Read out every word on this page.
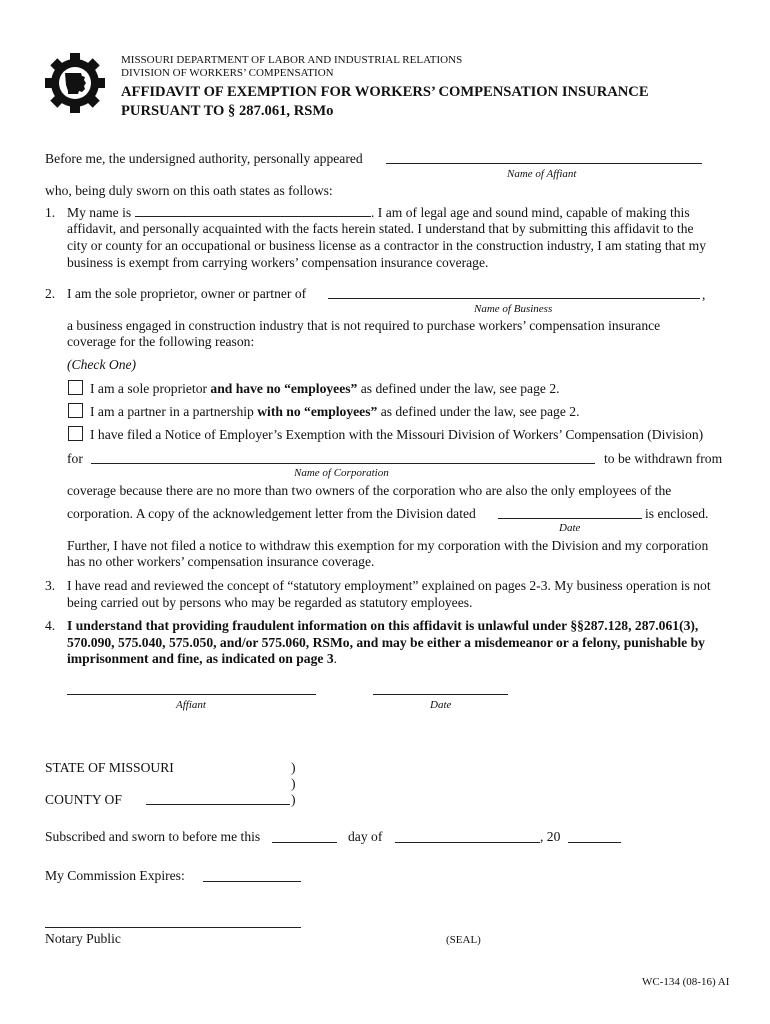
MISSOURI DEPARTMENT OF LABOR AND INDUSTRIAL RELATIONS
DIVISION OF WORKERS’ COMPENSATION
AFFIDAVIT OF EXEMPTION FOR WORKERS’ COMPENSATION INSURANCE
PURSUANT TO § 287.061, RSMo
Before me, the undersigned authority, personally appeared
Name of Affiant
who, being duly sworn on this oath states as follows:
1. My name is	. I am of legal age and sound mind, capable of making this
affidavit, and personally acquainted with the facts herein stated. I understand that by submitting this affidavit to the
city or county for an occupational or business license as a contractor in the construction industry, I am stating that my
business is exempt from carrying workers’ compensation insurance coverage.
2. I am the sole proprietor, owner or partner of	,
Name of Business
a business engaged in construction industry that is not required to purchase workers’ compensation insurance
coverage for the following reason:
(Check One)
I am a sole proprietor and have no “employees” as defined under the law, see page 2.
I am a partner in a partnership with no “employees” as defined under the law, see page 2.
I have filed a Notice of Employer’s Exemption with the Missouri Division of Workers’ Compensation (Division)
for	to be withdrawn from
Name of Corporation
coverage because there are no more than two owners of the corporation who are also the only employees of the
corporation. A copy of the acknowledgement letter from the Division dated	is enclosed.
Date
Further, I have not filed a notice to withdraw this exemption for my corporation with the Division and my corporation
has no other workers’ compensation insurance coverage.
3. I have read and reviewed the concept of “statutory employment” explained on pages 2-3. My business operation is not
being carried out by persons who may be regarded as statutory employees.
4. I understand that providing fraudulent information on this affidavit is unlawful under §§287.128, 287.061(3),
570.090, 575.040, 575.050, and/or 575.060, RSMo, and may be either a misdemeanor or a felony, punishable by
imprisonment and fine, as indicated on page 3.
Affiant	Date
STATE OF MISSOURI	)
)
COUNTY OF	)
Subscribed and sworn to before me this	day of	, 20
My Commission Expires:
Notary Public	(SEAL)
WC-134 (08-16) AI
